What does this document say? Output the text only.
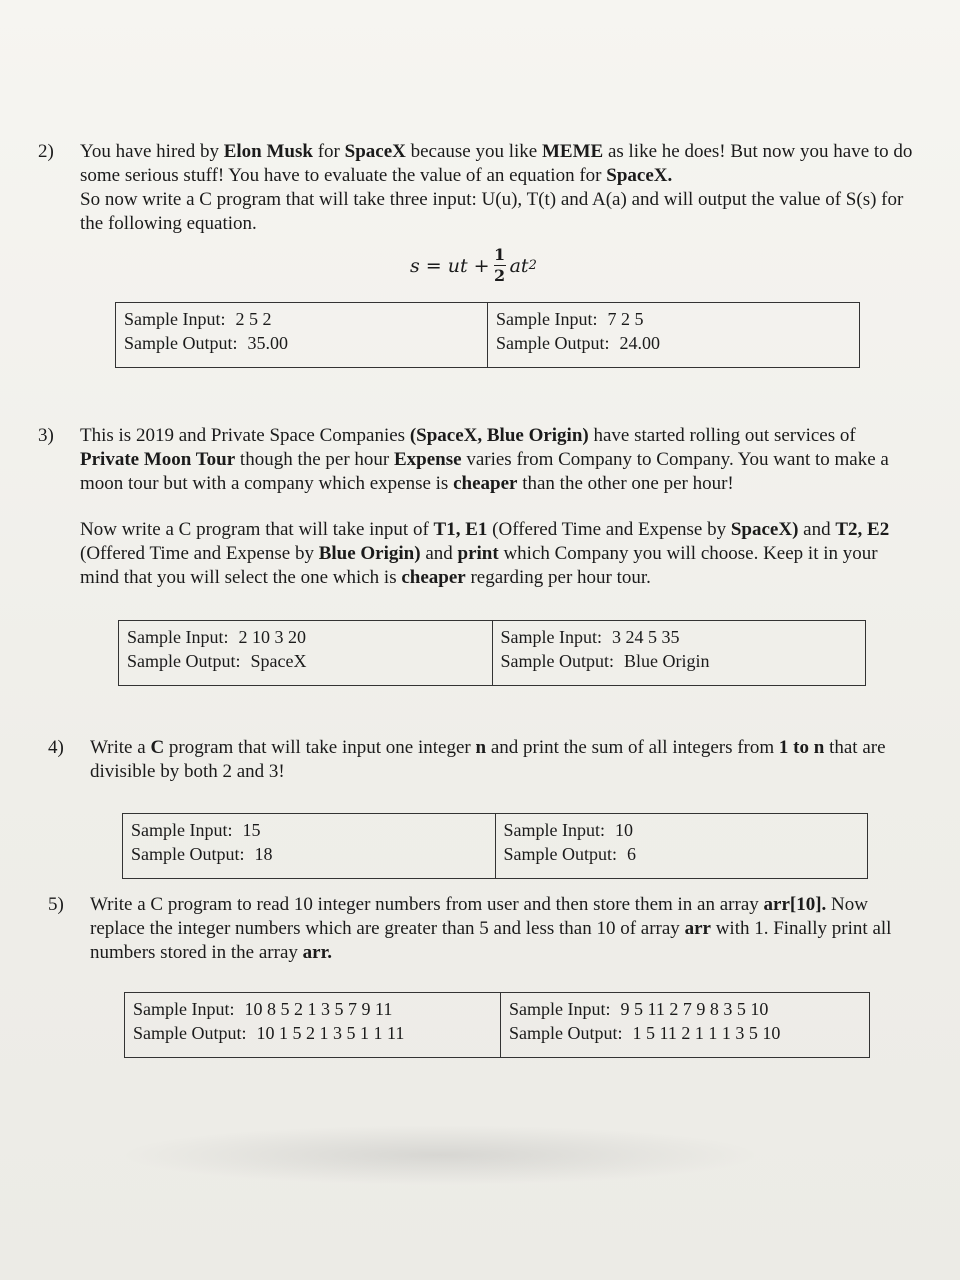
2) You have hired by Elon Musk for SpaceX because you like MEME as like he does! But now you have to do some serious stuff! You have to evaluate the value of an equation for SpaceX.

So now write a C program that will take three input: U(u), T(t) and A(a) and will output the value of S(s) for the following equation.

s = ut + $\frac{1}{2}$ at 2
Sample Input: 2 5 2
Sample Output: 35.00
Sample Input: 7 2 5
Sample Output: 24.00
3) This is 2019 and Private Space Companies (SpaceX, Blue Origin) have started rolling out services of Private Moon Tour though the per hour Expense varies from Company to Company. You want to make a moon tour but with a company which expense is cheaper than the other one per hour!

Now write a C program that will take input of T1, E1 (Offered Time and Expense by SpaceX) and T2, E2 (Offered Time and Expense by Blue Origin) and print which Company you will choose. Keep it in your mind that you will select the one which is cheaper regarding per hour tour.

Sample Input: 2 10 3 20
Sample Output: SpaceX
Sample Input: 3 24 5 35
Sample Output: Blue Origin
4) Write a C program that will take input one integer n and print the sum of all integers from 1 to n that are divisible by both 2 and 3!

Sample Input: 15
Sample Output: 18
Sample Input: 10
Sample Output: 6
5) Write a C program to read 10 integer numbers from user and then store them in an array arr[10]. Now replace the integer numbers which are greater than 5 and less than 10 of array arr with 1. Finally print all numbers stored in the array arr.

Sample Input: 10 8 5 2 1 3 5 7 9 11
Sample Output: 10 1 5 2 1 3 5 1 1 11
Sample Input: 9 5 11 2 7 9 8 3 5 10
Sample Output: 1 5 11 2 1 1 1 3 5 10
